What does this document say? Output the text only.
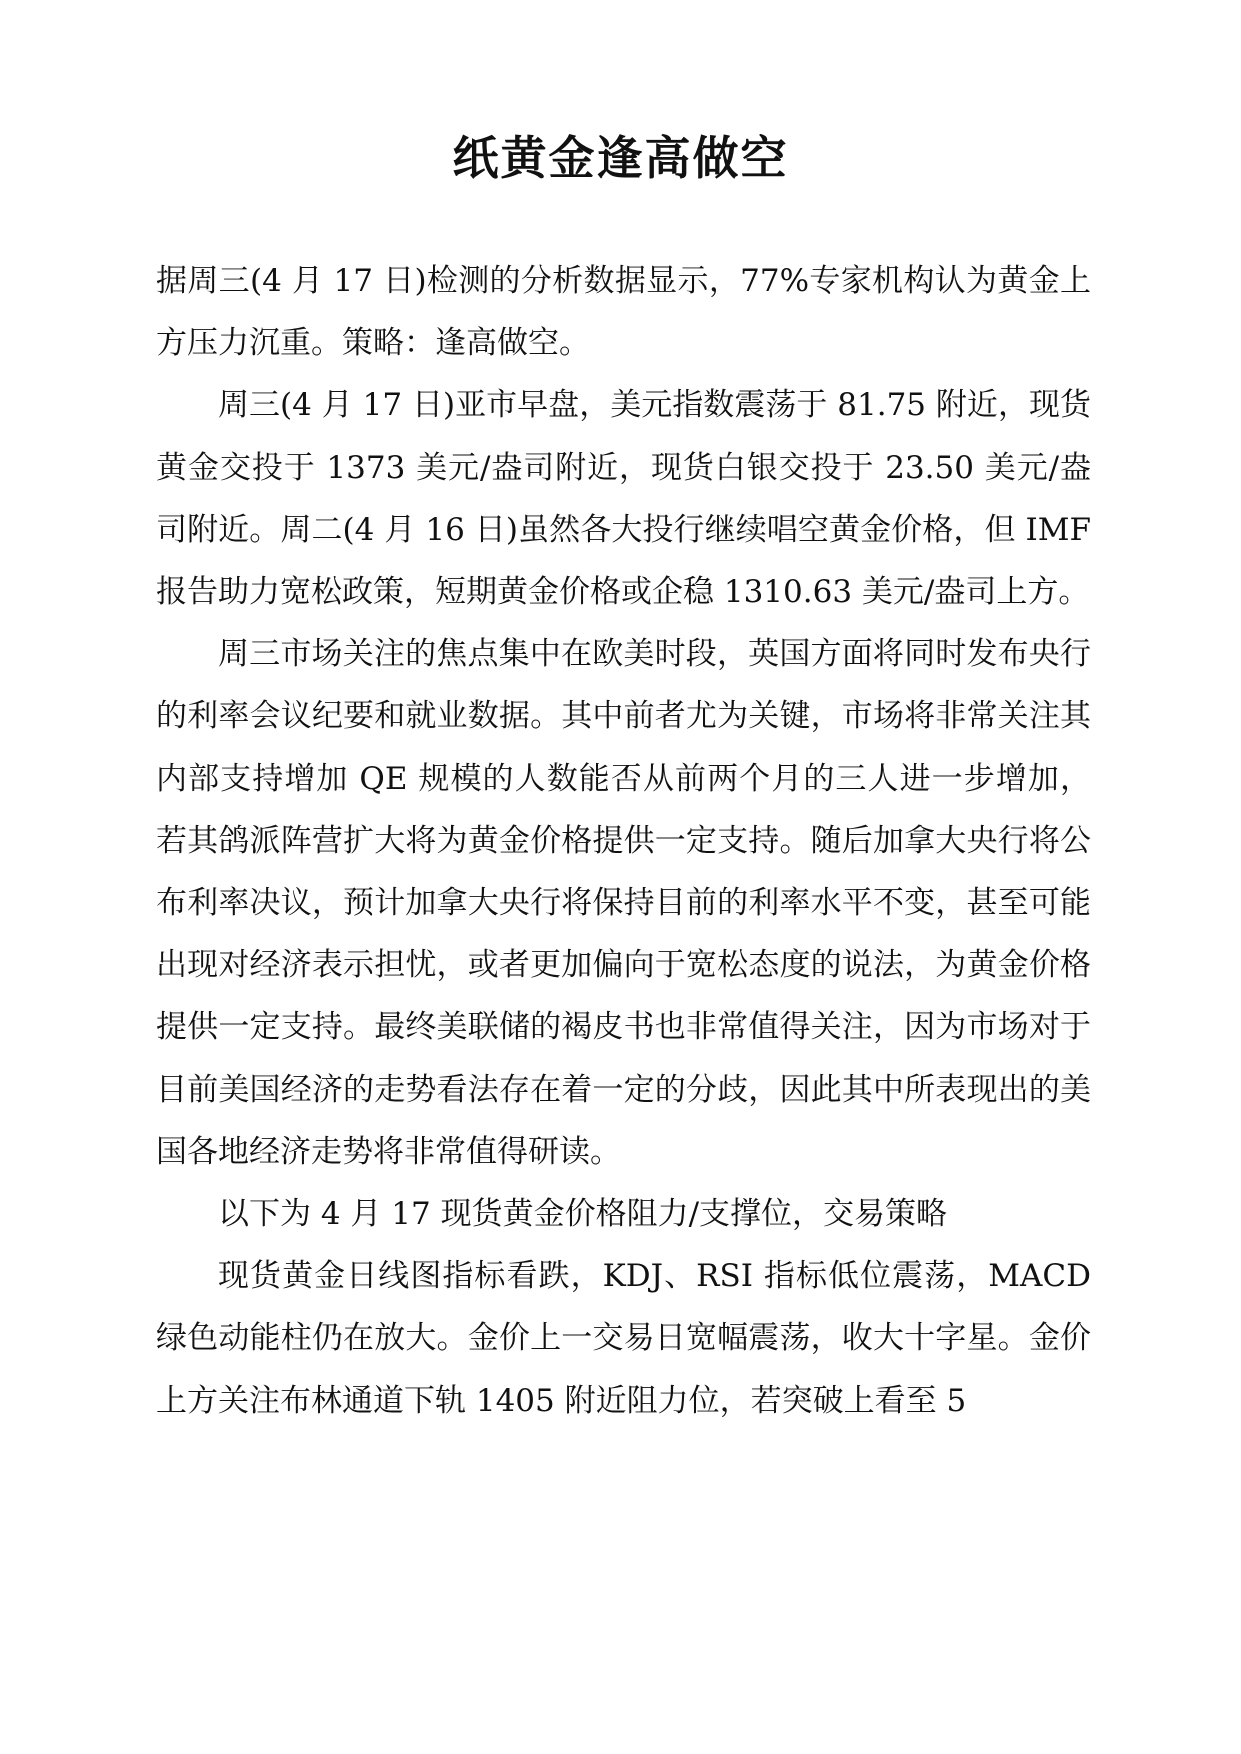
纸黄金逢高做空

据周三(4 月 17 日)检测的分析数据显示，77%专家机构认为黄金上方压力沉重。策略：逢高做空。

周三(4 月 17 日)亚市早盘，美元指数震荡于 81.75 附近，现货黄金交投于 1373 美元/盎司附近，现货白银交投于 23.50 美元/盎司附近。周二(4 月 16 日)虽然各大投行继续唱空黄金价格，但 IMF 报告助力宽松政策，短期黄金价格或企稳 1310.63 美元/盎司上方。

周三市场关注的焦点集中在欧美时段，英国方面将同时发布央行的利率会议纪要和就业数据。其中前者尤为关键，市场将非常关注其内部支持增加 QE 规模的人数能否从前两个月的三人进一步增加，若其鸽派阵营扩大将为黄金价格提供一定支持。随后加拿大央行将公布利率决议，预计加拿大央行将保持目前的利率水平不变，甚至可能出现对经济表示担忧，或者更加偏向于宽松态度的说法，为黄金价格提供一定支持。最终美联储的褐皮书也非常值得关注，因为市场对于目前美国经济的走势看法存在着一定的分歧，因此其中所表现出的美国各地经济走势将非常值得研读。

以下为 4 月 17 现货黄金价格阻力/支撑位，交易策略

现货黄金日线图指标看跌，KDJ、RSI 指标低位震荡，MACD 绿色动能柱仍在放大。金价上一交易日宽幅震荡，收大十字星。金价上方关注布林通道下轨 1405 附近阻力位，若突破上看至 5
